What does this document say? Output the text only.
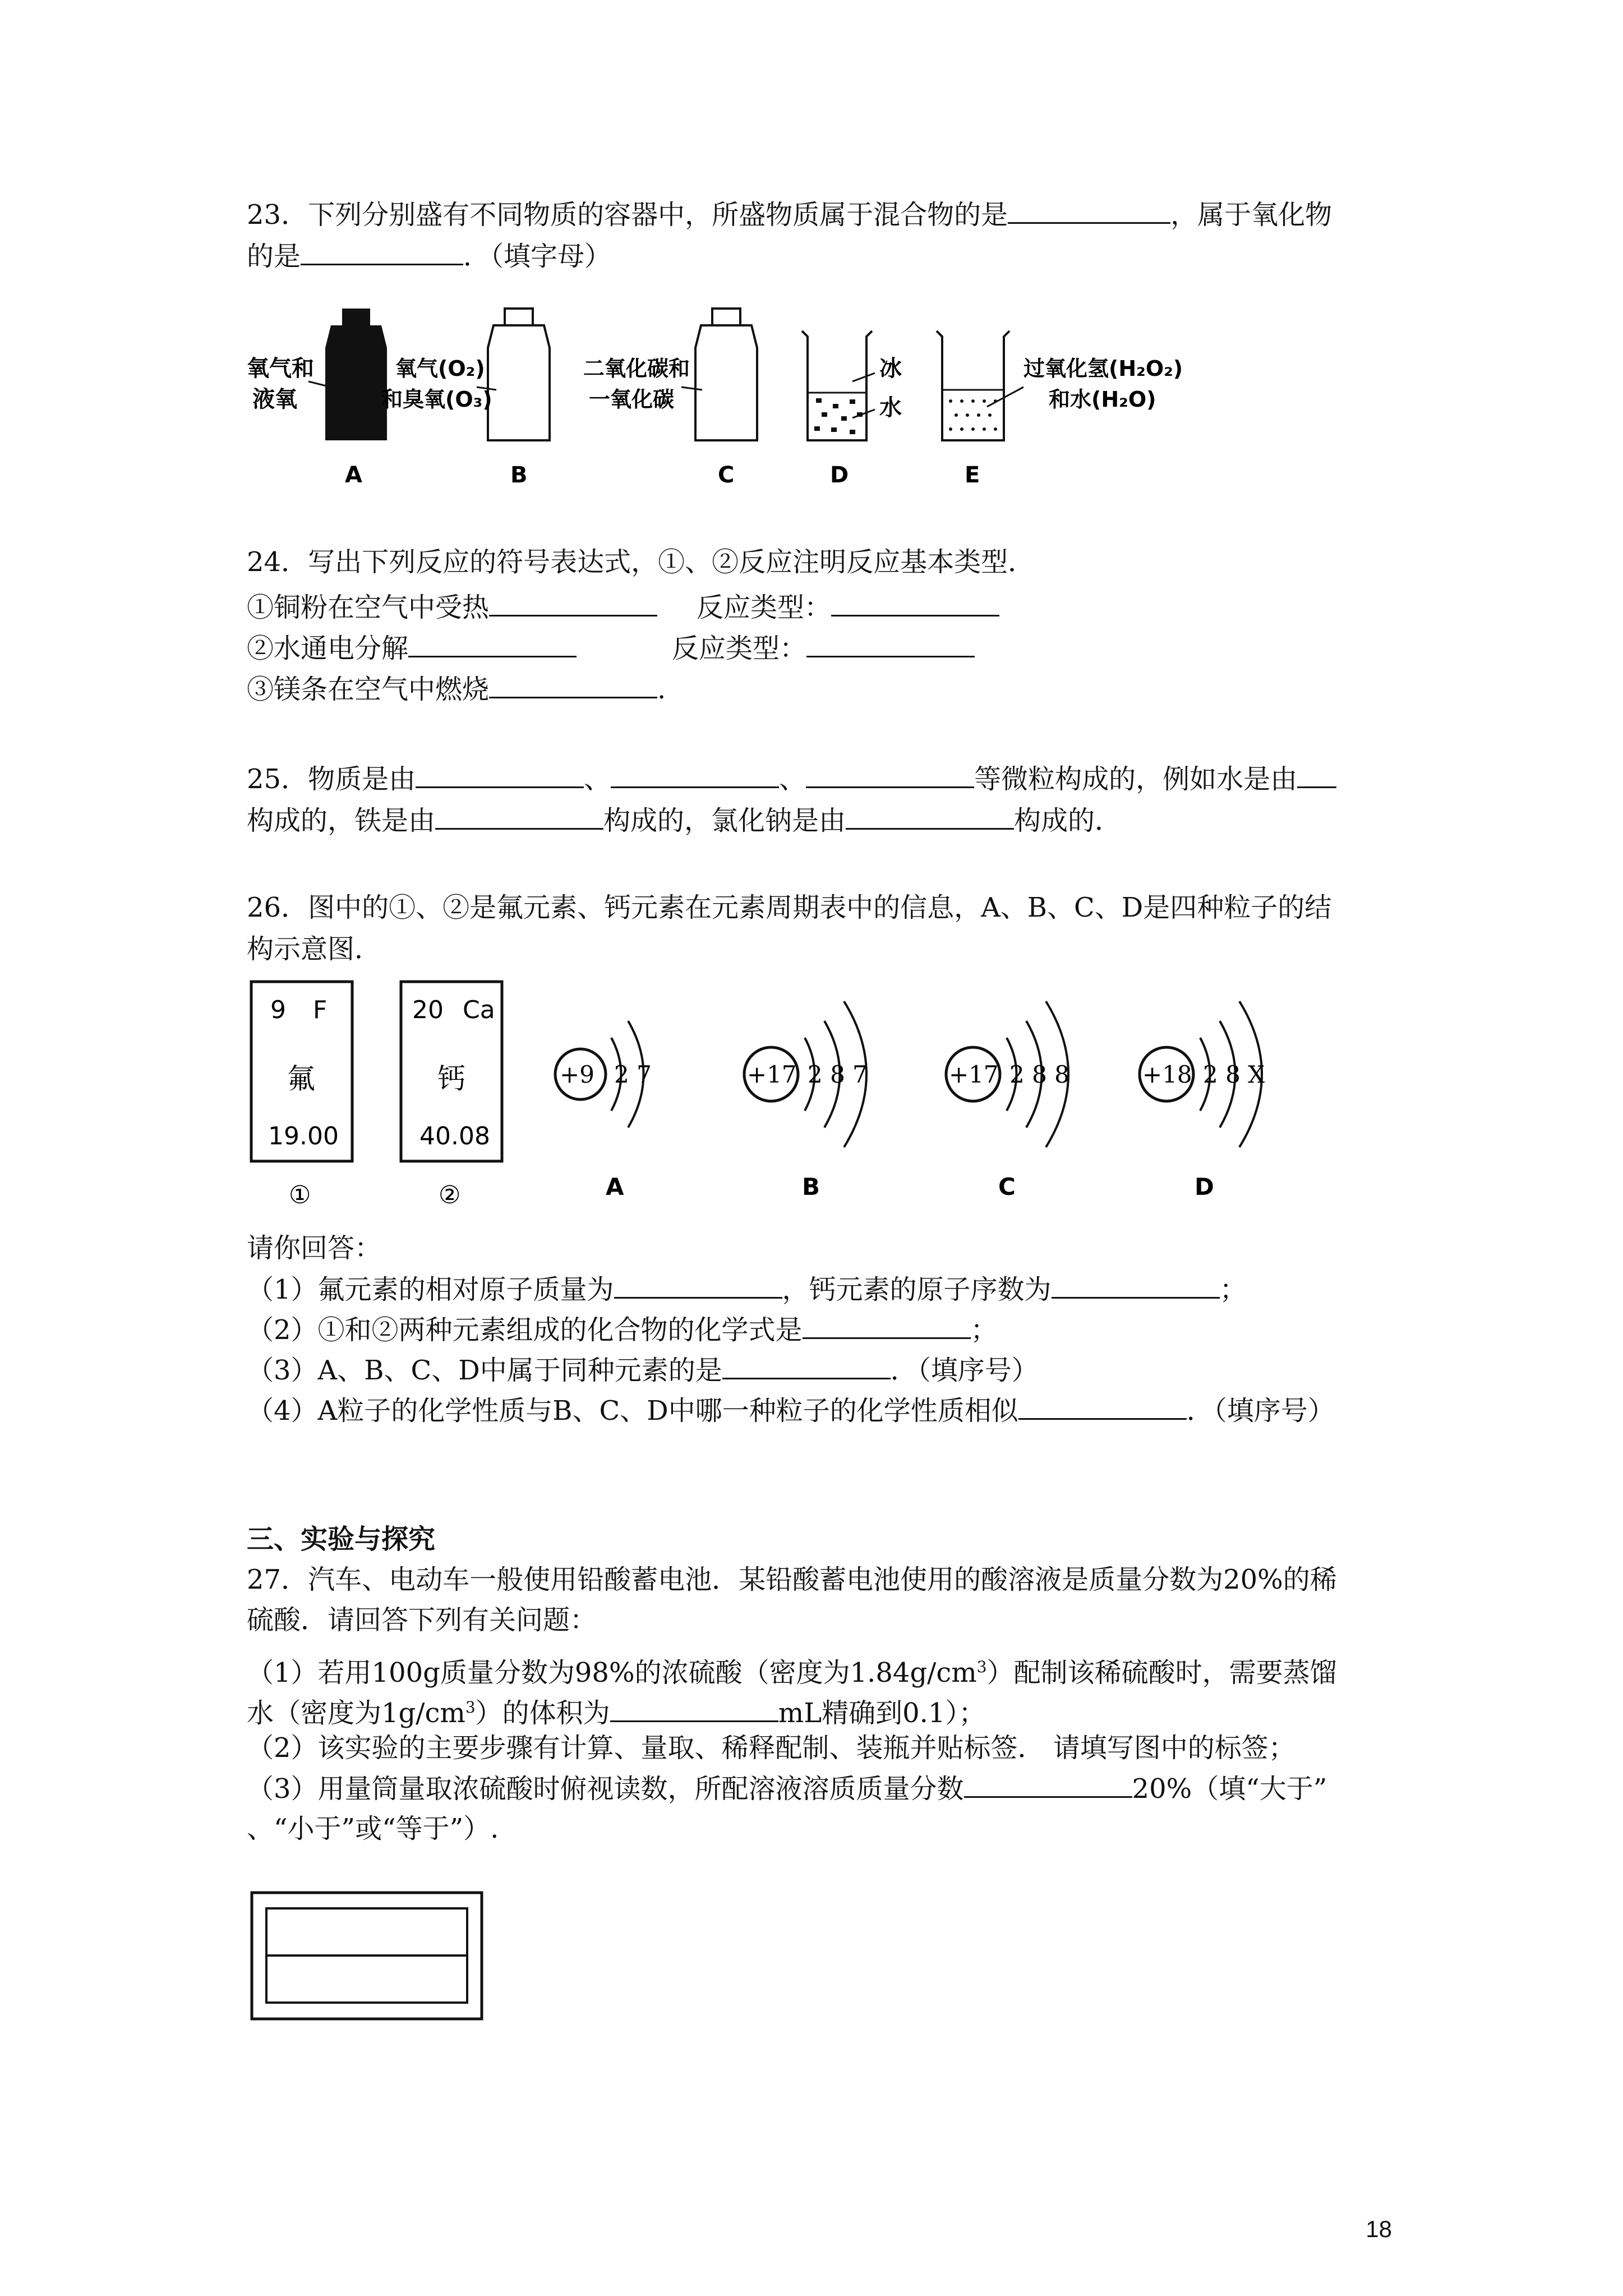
23．下列分别盛有不同物质的容器中，所盛物质属于混合物的是	，属于氧化物
的是	．（填字母）
氧气和
液氧
A
氧气(O₂)
和臭氧(O₃)
B
二氧化碳和
一氧化碳
C
冰
水
D
过氧化氢(H₂O₂)
和水(H₂O)
E
24．写出下列反应的符号表达式，①、②反应注明反应基本类型．
①铜粉在空气中受热	反应类型：
②水通电分解	反应类型：
③镁条在空气中燃烧	.
25．物质是由	、	、	等微粒构成的，例如水是由
构成的，铁是由	构成的，氯化钠是由	构成的．
26．图中的①、②是氟元素、钙元素在元素周期表中的信息，A、B、C、D是四种粒子的结
构示意图．
9 F
氟
19.00
①
20 Ca
钙
40.08
②
+9 2 7
A
+17 2 8 7
B
+17 2 8 8
C
+18 2 8 X
D
请你回答：
（1）氟元素的相对原子质量为	，钙元素的原子序数为	；
（2）①和②两种元素组成的化合物的化学式是	；
（3）A、B、C、D中属于同种元素的是	．（填序号）
（4）A粒子的化学性质与B、C、D中哪一种粒子的化学性质相似	．（填序号）
三、实验与探究
27．汽车、电动车一般使用铅酸蓄电池．某铅酸蓄电池使用的酸溶液是质量分数为20%的稀
硫酸．请回答下列有关问题：
（1）若用100g质量分数为98%的浓硫酸（密度为$1.84g/cm^3$）配制该稀硫酸时，需要蒸馏
水（密度为$1g/cm^3$）的体积为	mL精确到0.1）；
（2）该实验的主要步骤有计算、量取、稀释配制、装瓶并贴标签． 请填写图中的标签；
（3）用量筒量取浓硫酸时俯视读数，所配溶液溶质质量分数	20%（填“大于”
、“小于”或“等于”）.
18
